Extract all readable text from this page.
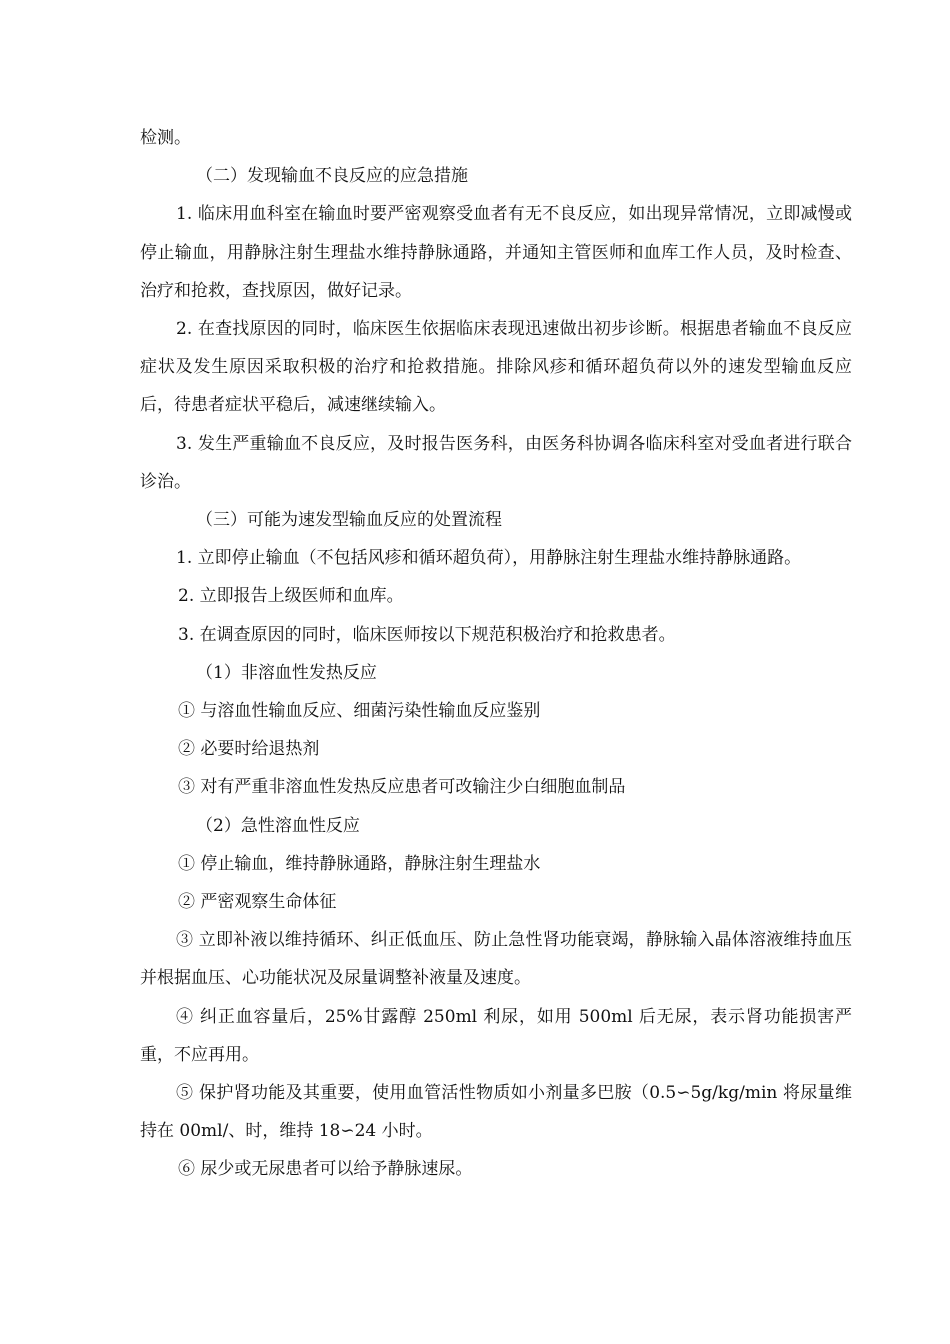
检测。

（二）发现输血不良反应的应急措施

1. 临床用血科室在输血时要严密观察受血者有无不良反应，如出现异常情况，立即减慢或停止输血，用静脉注射生理盐水维持静脉通路，并通知主管医师和血库工作人员，及时检查、治疗和抢救，查找原因，做好记录。

2. 在查找原因的同时，临床医生依据临床表现迅速做出初步诊断。根据患者输血不良反应症状及发生原因采取积极的治疗和抢救措施。排除风疹和循环超负荷以外的速发型输血反应后，待患者症状平稳后，减速继续输入。

3. 发生严重输血不良反应，及时报告医务科，由医务科协调各临床科室对受血者进行联合诊治。

（三）可能为速发型输血反应的处置流程

1. 立即停止输血（不包括风疹和循环超负荷），用静脉注射生理盐水维持静脉通路。

2. 立即报告上级医师和血库。

3. 在调查原因的同时，临床医师按以下规范积极治疗和抢救患者。

（1）非溶血性发热反应

① 与溶血性输血反应、细菌污染性输血反应鉴别

② 必要时给退热剂

③ 对有严重非溶血性发热反应患者可改输注少白细胞血制品

（2）急性溶血性反应

① 停止输血，维持静脉通路，静脉注射生理盐水

② 严密观察生命体征

③ 立即补液以维持循环、纠正低血压、防止急性肾功能衰竭，静脉输入晶体溶液维持血压并根据血压、心功能状况及尿量调整补液量及速度。

④ 纠正血容量后，25%甘露醇 250ml 利尿，如用 500ml 后无尿，表示肾功能损害严重，不应再用。

⑤ 保护肾功能及其重要，使用血管活性物质如小剂量多巴胺（0.5∽5g/kg/min 将尿量维持在 00ml/、时，维持 18∽24 小时。

⑥ 尿少或无尿患者可以给予静脉速尿。
